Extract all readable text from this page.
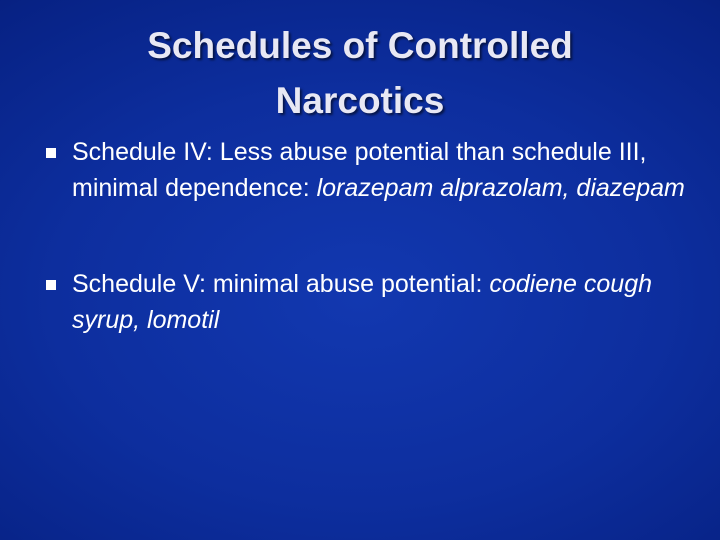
Schedules of Controlled Narcotics
Schedule IV: Less abuse potential than schedule III, minimal dependence: lorazepam alprazolam, diazepam
Schedule V: minimal abuse potential: codiene cough syrup, lomotil
